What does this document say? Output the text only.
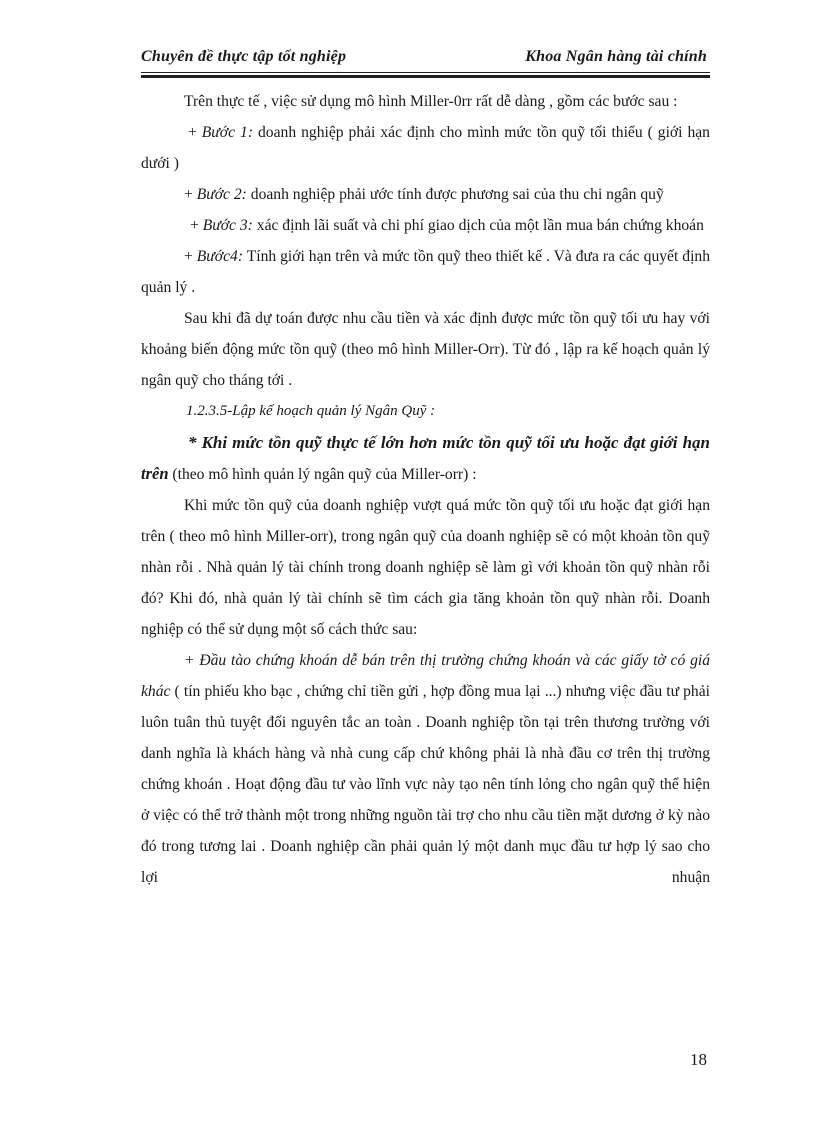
Chuyên đề thực tập tốt nghiệp	Khoa Ngân hàng tài chính

Trên thực tế , việc sử dụng mô hình Miller-0rr rất dễ dàng , gồm các bước sau :

+ Bước 1: doanh nghiệp phải xác định cho mình mức tồn quỹ tối thiểu ( giới hạn dưới )

+ Bước 2: doanh nghiệp phải ước tính được phương sai của thu chi ngân quỹ

+ Bước 3: xác định lãi suất và chi phí giao dịch của một lần mua bán chứng khoán

+ Bước4: Tính giới hạn trên và mức tồn quỹ theo thiết kế . Và đưa ra các quyết định quản lý .

Sau khi đã dự toán được nhu cầu tiền và xác định được mức tồn quỹ tối ưu hay với khoảng biến động mức tồn quỹ (theo mô hình Miller-Orr). Từ đó , lập ra kế hoạch quản lý ngân quỹ cho tháng tới .

1.2.3.5-Lập kế hoạch quản lý Ngân Quỹ :

* Khi mức tồn quỹ thực tế lớn hơn mức tồn quỹ tối ưu hoặc đạt giới hạn

trên (theo mô hình quản lý ngân quỹ của Miller-orr) :

Khi mức tồn quỹ của doanh nghiệp vượt quá mức tồn quỹ tối ưu hoặc đạt giới hạn trên ( theo mô hình Miller-orr), trong ngân quỹ của doanh nghiệp sẽ có một khoản tồn quỹ nhàn rỗi . Nhà quản lý tài chính trong doanh nghiệp sẽ làm gì với khoản tồn quỹ nhàn rỗi đó? Khi đó, nhà quản lý tài chính sẽ tìm cách gia tăng khoản tồn quỹ nhàn rỗi. Doanh nghiệp có thể sử dụng một số cách thức sau:

+ Đầu tào chứng khoán dễ bán trên thị trường chứng khoán và các giấy tờ có giá khác ( tín phiếu kho bạc , chứng chỉ tiền gửi , hợp đồng mua lại ...) nhưng việc đầu tư phải luôn tuân thủ tuyệt đối nguyên tắc an toàn . Doanh nghiệp tồn tại trên thương trường với danh nghĩa là khách hàng và nhà cung cấp chứ không phải là nhà đầu cơ trên thị trường chứng khoán . Hoạt động đầu tư vào lĩnh vực này tạo nên tính lỏng cho ngân quỹ thể hiện ở việc có thể trở thành một trong những nguồn tài trợ cho nhu cầu tiền mặt dương ở kỳ nào đó trong tương lai . Doanh nghiệp cần phải quản lý một danh mục đầu tư hợp lý sao cho lợi nhuận

18
